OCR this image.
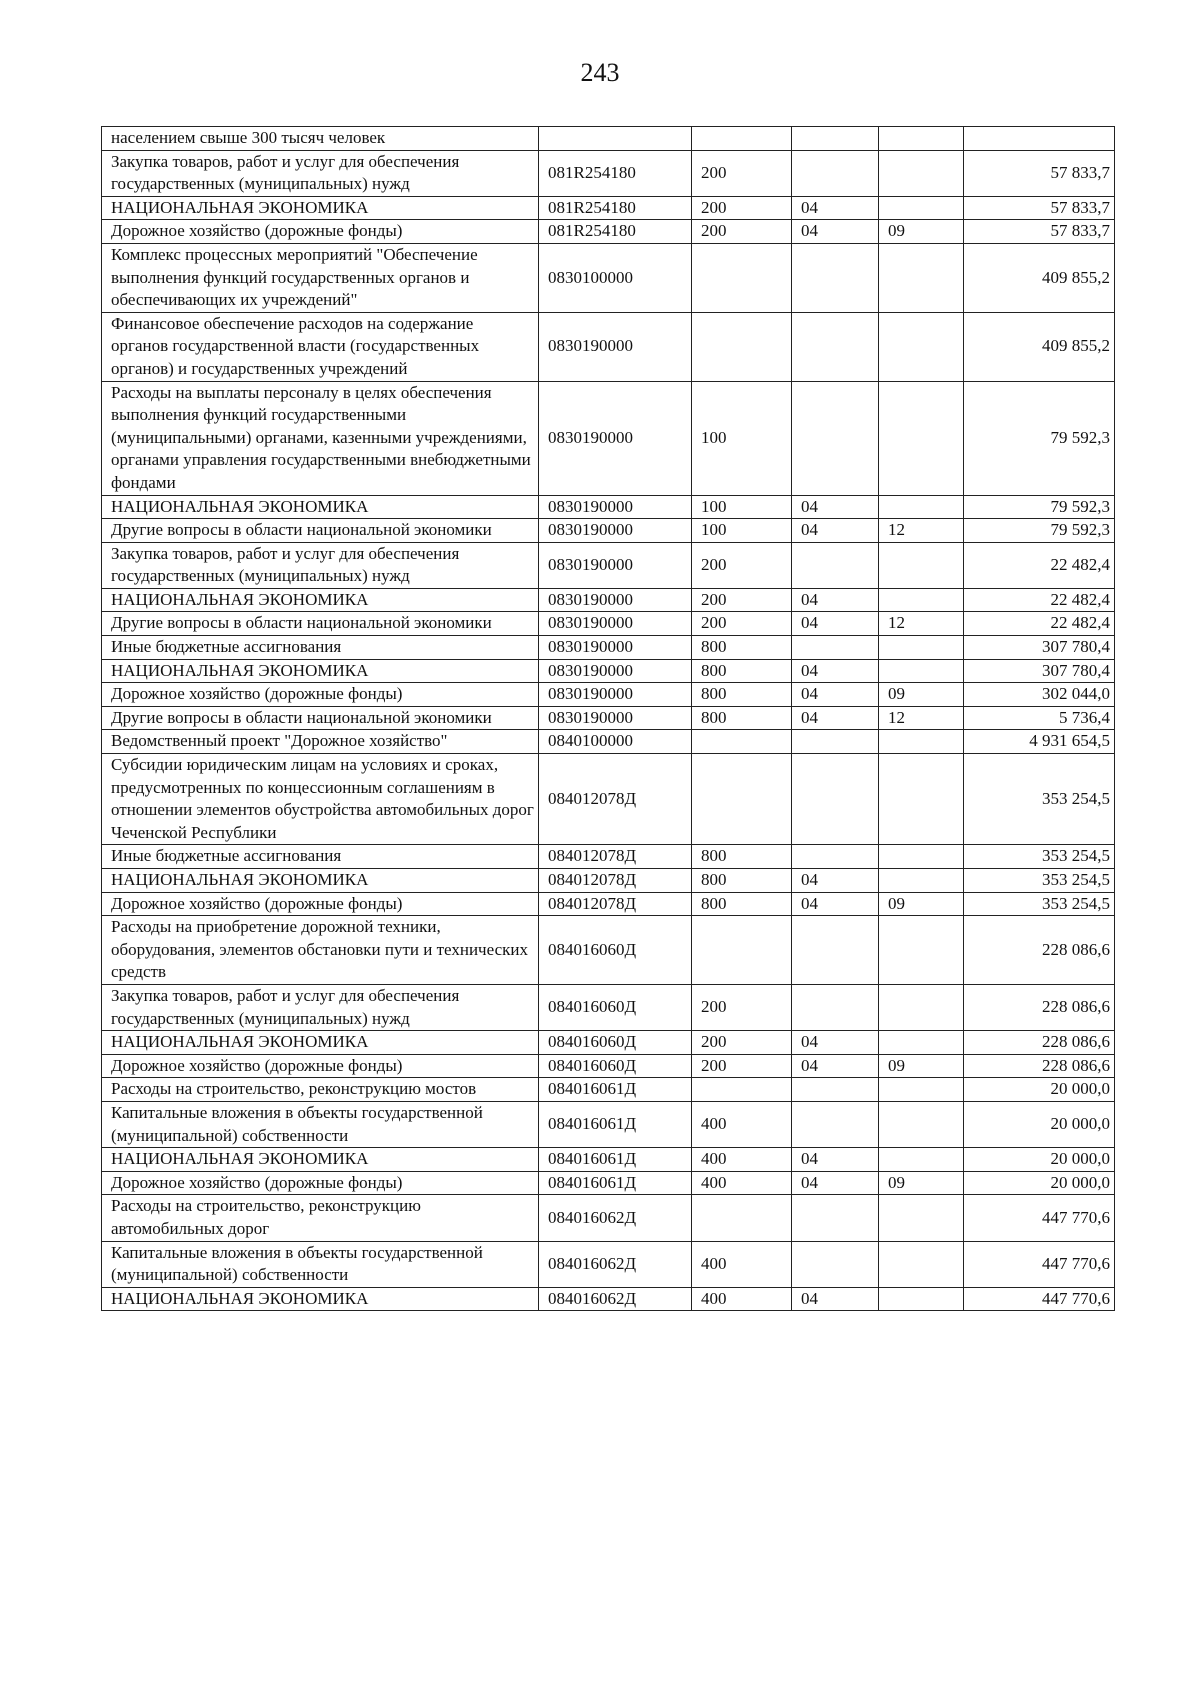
243
населением свыше 300 тысяч человек					
Закупка товаров, работ и услуг для обеспечения государственных (муниципальных) нужд	081R254180	200			57 833,7
НАЦИОНАЛЬНАЯ ЭКОНОМИКА	081R254180	200	04		57 833,7
Дорожное хозяйство (дорожные фонды)	081R254180	200	04	09	57 833,7
Комплекс процессных мероприятий "Обеспечение выполнения функций государственных органов и обеспечивающих их учреждений"	0830100000				409 855,2
Финансовое обеспечение расходов на содержание органов государственной власти (государственных органов) и государственных учреждений	0830190000				409 855,2
Расходы на выплаты персоналу в целях обеспечения выполнения функций государственными (муниципальными) органами, казенными учреждениями, органами управления государственными внебюджетными фондами	0830190000	100			79 592,3
НАЦИОНАЛЬНАЯ ЭКОНОМИКА	0830190000	100	04		79 592,3
Другие вопросы в области национальной экономики	0830190000	100	04	12	79 592,3
Закупка товаров, работ и услуг для обеспечения государственных (муниципальных) нужд	0830190000	200			22 482,4
НАЦИОНАЛЬНАЯ ЭКОНОМИКА	0830190000	200	04		22 482,4
Другие вопросы в области национальной экономики	0830190000	200	04	12	22 482,4
Иные бюджетные ассигнования	0830190000	800			307 780,4
НАЦИОНАЛЬНАЯ ЭКОНОМИКА	0830190000	800	04		307 780,4
Дорожное хозяйство (дорожные фонды)	0830190000	800	04	09	302 044,0
Другие вопросы в области национальной экономики	0830190000	800	04	12	5 736,4
Ведомственный проект "Дорожное хозяйство"	0840100000				4 931 654,5
Субсидии юридическим лицам на условиях и сроках, предусмотренных по концессионным соглашениям в отношении элементов обустройства автомобильных дорог Чеченской Республики	084012078Д				353 254,5
Иные бюджетные ассигнования	084012078Д	800			353 254,5
НАЦИОНАЛЬНАЯ ЭКОНОМИКА	084012078Д	800	04		353 254,5
Дорожное хозяйство (дорожные фонды)	084012078Д	800	04	09	353 254,5
Расходы на приобретение дорожной техники, оборудования, элементов обстановки пути и технических средств	084016060Д				228 086,6
Закупка товаров, работ и услуг для обеспечения государственных (муниципальных) нужд	084016060Д	200			228 086,6
НАЦИОНАЛЬНАЯ ЭКОНОМИКА	084016060Д	200	04		228 086,6
Дорожное хозяйство (дорожные фонды)	084016060Д	200	04	09	228 086,6
Расходы на строительство, реконструкцию мостов	084016061Д				20 000,0
Капитальные вложения в объекты государственной (муниципальной) собственности	084016061Д	400			20 000,0
НАЦИОНАЛЬНАЯ ЭКОНОМИКА	084016061Д	400	04		20 000,0
Дорожное хозяйство (дорожные фонды)	084016061Д	400	04	09	20 000,0
Расходы на строительство, реконструкцию автомобильных дорог	084016062Д				447 770,6
Капитальные вложения в объекты государственной (муниципальной) собственности	084016062Д	400			447 770,6
НАЦИОНАЛЬНАЯ ЭКОНОМИКА	084016062Д	400	04		447 770,6
